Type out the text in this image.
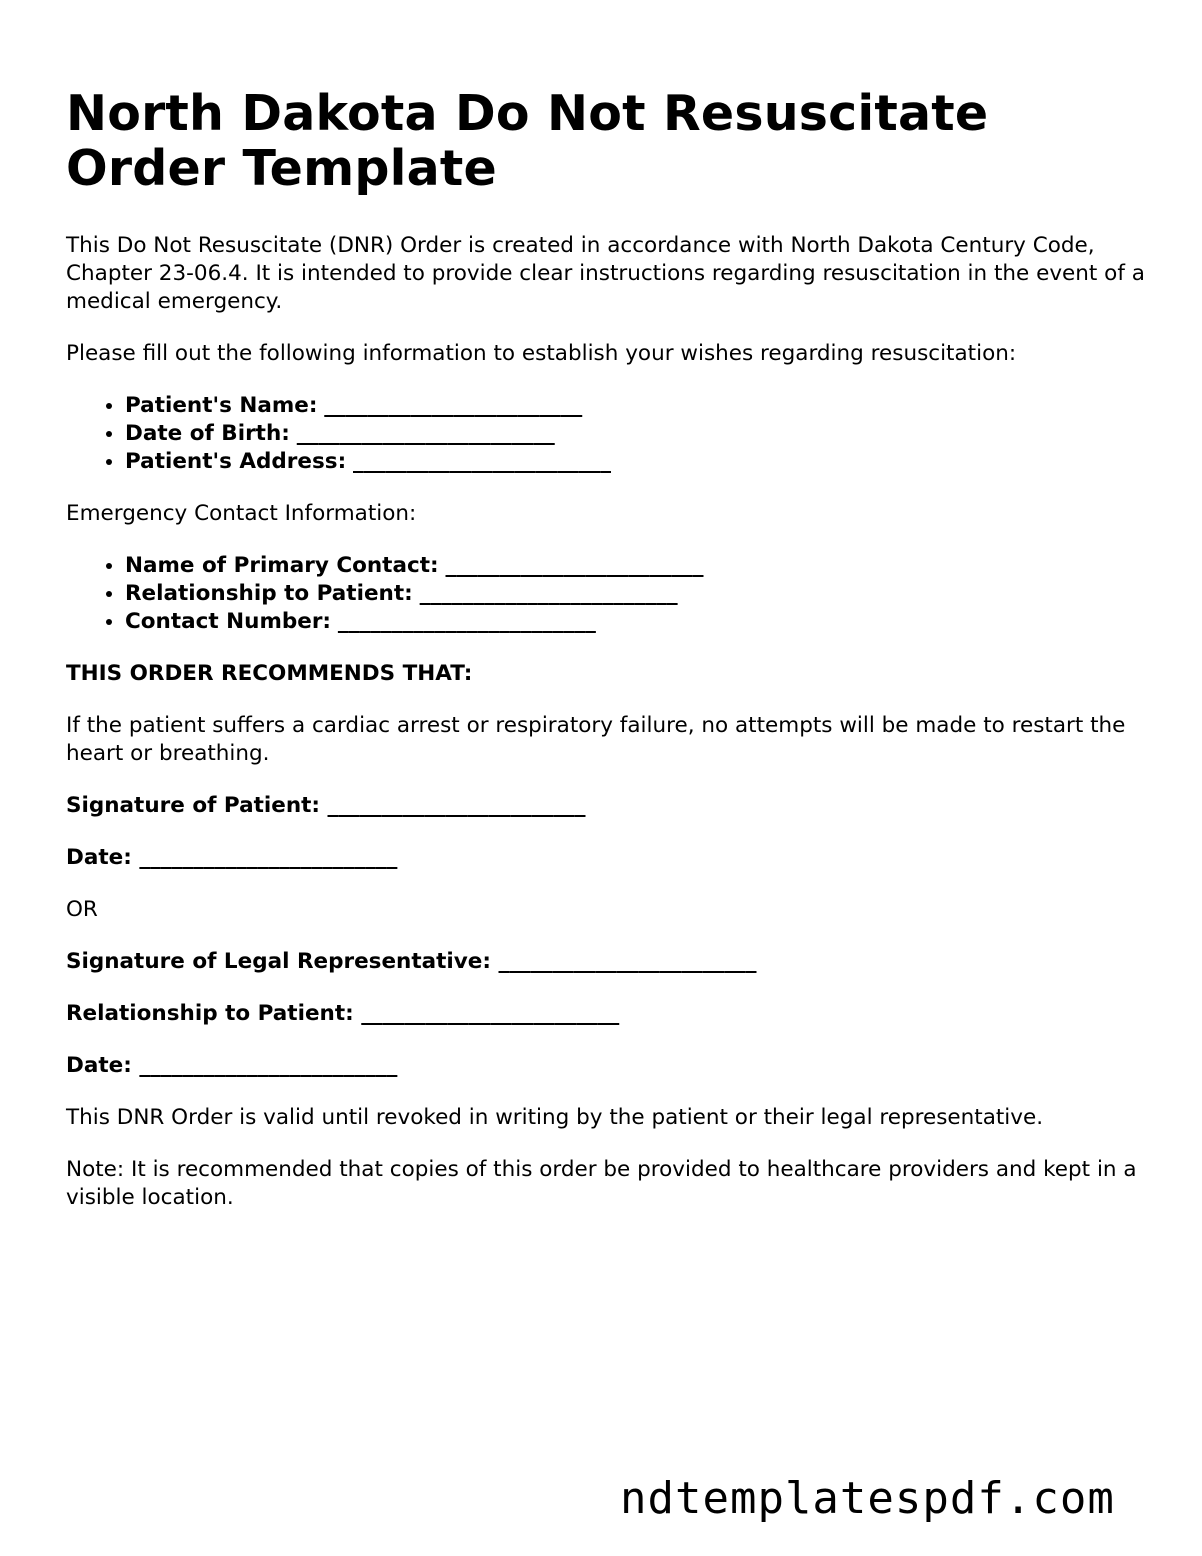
North Dakota Do Not Resuscitate Order Template

This Do Not Resuscitate (DNR) Order is created in accordance with North Dakota Century Code, Chapter 23-06.4. It is intended to provide clear instructions regarding resuscitation in the event of a medical emergency.

Please fill out the following information to establish your wishes regarding resuscitation:

• Patient's Name: ________________________
• Date of Birth: ________________________
• Patient's Address: ________________________

Emergency Contact Information:

• Name of Primary Contact: ________________________
• Relationship to Patient: ________________________
• Contact Number: ________________________

THIS ORDER RECOMMENDS THAT:

If the patient suffers a cardiac arrest or respiratory failure, no attempts will be made to restart the heart or breathing.

Signature of Patient: ________________________

Date: ________________________

OR

Signature of Legal Representative: ________________________

Relationship to Patient: ________________________

Date: ________________________

This DNR Order is valid until revoked in writing by the patient or their legal representative.

Note: It is recommended that copies of this order be provided to healthcare providers and kept in a visible location.

ndtemplatespdf.com
